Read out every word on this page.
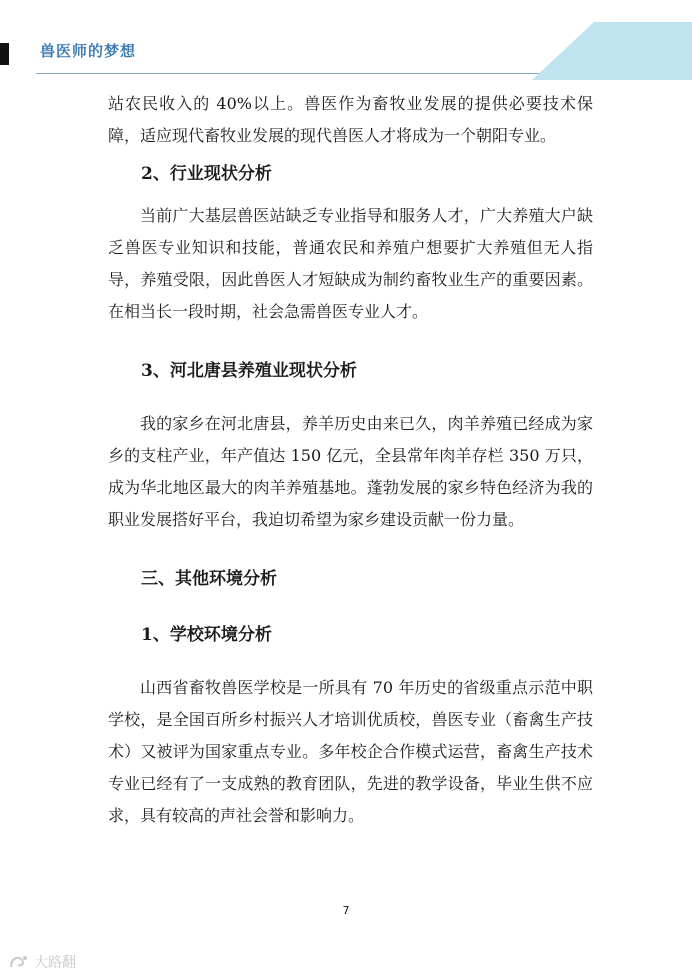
兽医师的梦想

站农民收入的 40%以上。兽医作为畜牧业发展的提供必要技术保障，适应现代畜牧业发展的现代兽医人才将成为一个朝阳专业。

2、行业现状分析

当前广大基层兽医站缺乏专业指导和服务人才，广大养殖大户缺乏兽医专业知识和技能，普通农民和养殖户想要扩大养殖但无人指导，养殖受限，因此兽医人才短缺成为制约畜牧业生产的重要因素。在相当长一段时期，社会急需兽医专业人才。

3、河北唐县养殖业现状分析

我的家乡在河北唐县，养羊历史由来已久，肉羊养殖已经成为家乡的支柱产业，年产值达 150 亿元，全县常年肉羊存栏 350 万只，成为华北地区最大的肉羊养殖基地。蓬勃发展的家乡特色经济为我的职业发展搭好平台，我迫切希望为家乡建设贡献一份力量。

三、其他环境分析
1、学校环境分析

山西省畜牧兽医学校是一所具有 70 年历史的省级重点示范中职学校，是全国百所乡村振兴人才培训优质校，兽医专业（畜禽生产技术）又被评为国家重点专业。多年校企合作模式运营，畜禽生产技术专业已经有了一支成熟的教育团队，先进的教学设备，毕业生供不应求，具有较高的声社会誉和影响力。

7
大路翻
